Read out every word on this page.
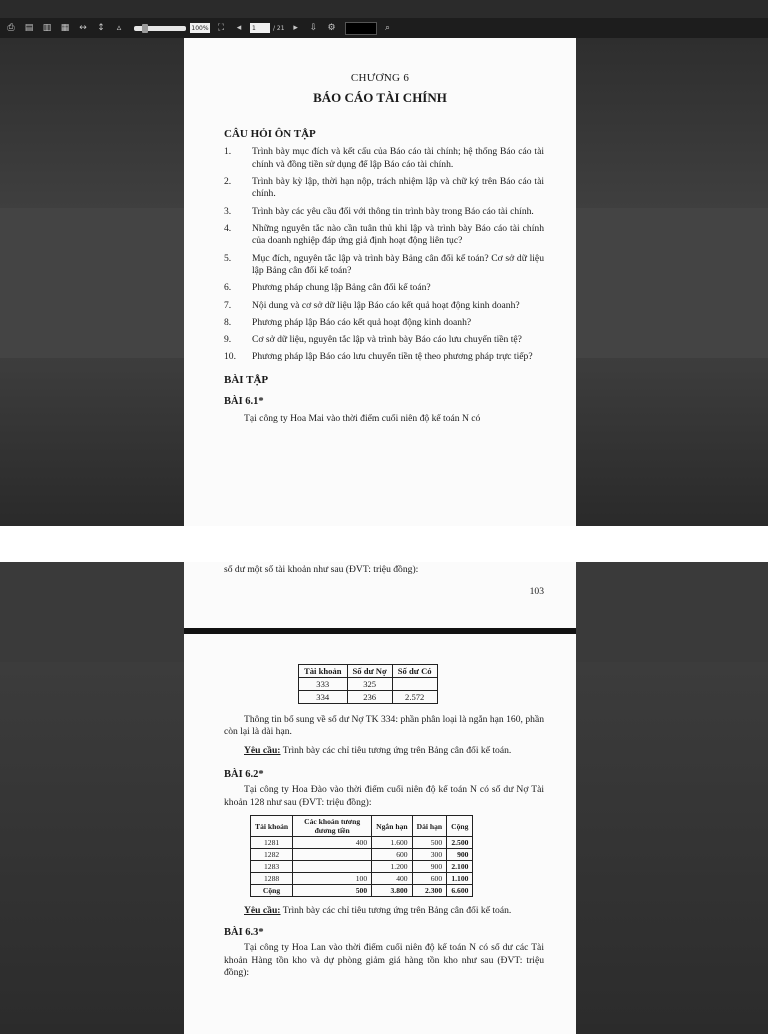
⎙	▤	▥	▦	↔	↕	▵	100%	⛶	◂	1	/ 21 ▸	⇩	⚙	⌕
CHƯƠNG 6
BÁO CÁO TÀI CHÍNH
CÂU HỎI ÔN TẬP
1.	Trình bày mục đích và kết cấu của Báo cáo tài chính; hệ thống Báo cáo tài chính và đồng tiền sử dụng để lập Báo cáo tài chính.
2.	Trình bày kỳ lập, thời hạn nộp, trách nhiệm lập và chữ ký trên Báo cáo tài chính.
3.	Trình bày các yêu cầu đối với thông tin trình bày trong Báo cáo tài chính.
4.	Những nguyên tắc nào cần tuân thủ khi lập và trình bày Báo cáo tài chính của doanh nghiệp đáp ứng giả định hoạt động liên tục?
5.	Mục đích, nguyên tắc lập và trình bày Bảng cân đối kế toán? Cơ sở dữ liệu lập Bảng cân đối kế toán?
6.	Phương pháp chung lập Bảng cân đối kế toán?
7.	Nội dung và cơ sở dữ liệu lập Báo cáo kết quả hoạt động kinh doanh?
8.	Phương pháp lập Báo cáo kết quả hoạt động kinh doanh?
9.	Cơ sở dữ liệu, nguyên tắc lập và trình bày Báo cáo lưu chuyển tiền tệ?
10.	Phương pháp lập Báo cáo lưu chuyển tiền tệ theo phương pháp trực tiếp?
BÀI TẬP
BÀI 6.1*
Tại công ty Hoa Mai vào thời điểm cuối niên độ kế toán N có
số dư một số tài khoản như sau (ĐVT: triệu đồng):
103
Tài khoản	Số dư Nợ	Số dư Có
333	325	
334	236	2.572
Thông tin bổ sung về số dư Nợ TK 334: phần phân loại là ngắn hạn 160, phần còn lại là dài hạn.
Yêu cầu: Trình bày các chỉ tiêu tương ứng trên Bảng cân đối kế toán.
BÀI 6.2*
Tại công ty Hoa Đào vào thời điểm cuối niên độ kế toán N có số dư Nợ Tài khoản 128 như sau (ĐVT: triệu đồng):
Tài khoản	Các khoản tương đương tiền	Ngắn hạn	Dài hạn	Cộng
1281	400	1.600	500	2.500
1282		600	300	900
1283		1.200	900	2.100
1288	100	400	600	1.100
Cộng	500	3.800	2.300	6.600
Yêu cầu: Trình bày các chỉ tiêu tương ứng trên Bảng cân đối kế toán.
BÀI 6.3*
Tại công ty Hoa Lan vào thời điểm cuối niên độ kế toán N có số dư các Tài khoản Hàng tồn kho và dự phòng giảm giá hàng tồn kho như sau (ĐVT: triệu đồng):
